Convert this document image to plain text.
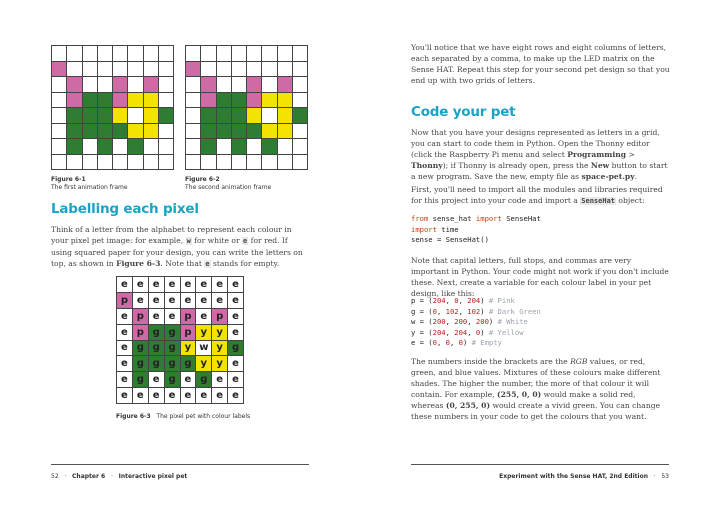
Figure 6-1
The first animation frame
Figure 6-2
The second animation frame
Labelling each pixel
Think of a letter from the alphabet to represent each colour in your pixel pet image: for example, w for white or e for red. If using squared paper for your design, you can write the letters on top, as shown in Figure 6-3. Note that e stands for empty.
e e e e e e e e
p e e e e e e e
e p e e p e p e
e p g g p y y e
e g g g y w y g
e g g g g y y e
e g e g e g e e
e e e e e e e e
Figure 6-3 The pixel pet with colour labels
52 · Chapter 6 · Interactive pixel pet
You'll notice that we have eight rows and eight columns of letters, each separated by a comma, to make up the LED matrix on the Sense HAT. Repeat this step for your second pet design so that you end up with two grids of letters.
Code your pet
Now that you have your designs represented as letters in a grid, you can start to code them in Python. Open the Thonny editor (click the Raspberry Pi menu and select Programming > Thonny); if Thonny is already open, press the New button to start a new program. Save the new, empty file as space-pet.py.
First, you'll need to import all the modules and libraries required for this project into your code and import a SenseHat object:
from sense_hat import SenseHat
import time
sense = SenseHat()
Note that capital letters, full stops, and commas are very important in Python. Your code might not work if you don't include these. Next, create a variable for each colour label in your pet design, like this:
p = (204, 0, 204) # Pink
g = (0, 102, 102) # Dark Green
w = (200, 200, 200) # White
y = (204, 204, 0) # Yellow
e = (0, 0, 0) # Empty
The numbers inside the brackets are the RGB values, or red, green, and blue values. Mixtures of these colours make different shades. The higher the number, the more of that colour it will contain. For example, (255, 0, 0) would make a solid red, whereas (0, 255, 0) would create a vivid green. You can change these numbers in your code to get the colours that you want.
Experiment with the Sense HAT, 2nd Edition · 53
